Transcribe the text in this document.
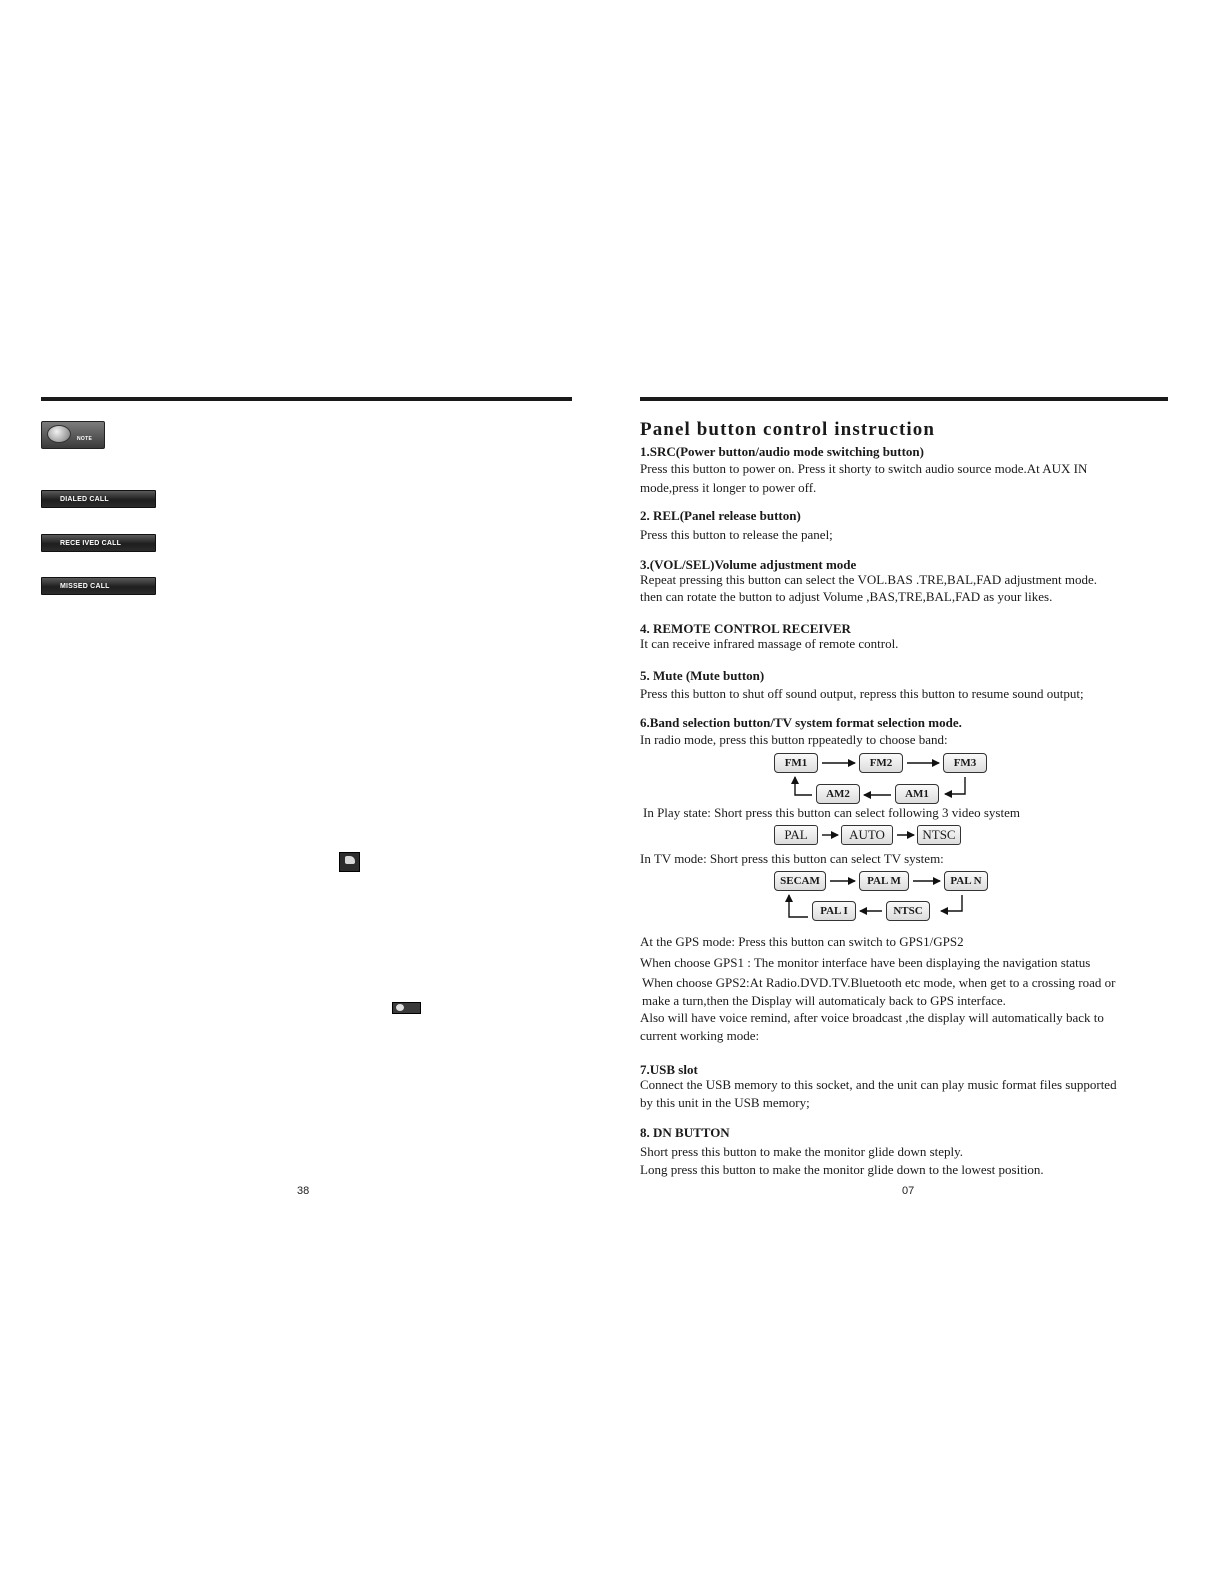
NOTE
DIALED CALL
RECE IVED CALL
MISSED CALL
38
Panel button control instruction
1.SRC(Power button/audio mode switching button)
Press this button to power on. Press it shorty to switch audio source mode.At AUX IN
mode,press it longer to power off.
2. REL(Panel release button)
Press this button to release the panel;
3.(VOL/SEL)Volume adjustment mode
Repeat pressing this button can select the VOL.BAS .TRE,BAL,FAD adjustment mode.
then can rotate the button to adjust Volume ,BAS,TRE,BAL,FAD as your likes.
4. REMOTE CONTROL RECEIVER
It can receive infrared massage of remote control.
5. Mute (Mute button)
Press this button to shut off sound output, repress this button to resume sound output;
6.Band selection button/TV system format selection mode.
In radio mode, press this button rppeatedly to choose band:
FM1	FM2	FM3
AM2	AM1
In Play state: Short press this button can select following 3 video system
PAL	AUTO	NTSC
In TV mode: Short press this button can select TV system:
SECAM	PAL M	PAL N
PAL I	NTSC
At the GPS mode: Press this button can switch to GPS1/GPS2
When choose GPS1 : The monitor interface have been displaying the navigation status
When choose GPS2:At Radio.DVD.TV.Bluetooth etc mode, when get to a crossing road or
make a turn,then the Display will automaticaly back to GPS interface.
Also will have voice remind, after voice broadcast ,the display will automatically back to
current working mode:
7.USB slot
Connect the USB memory to this socket, and the unit can play music format files supported
by this unit in the USB memory;
8. DN BUTTON
Short press this button to make the monitor glide down steply.
Long press this button to make the monitor glide down to the lowest position.
07
